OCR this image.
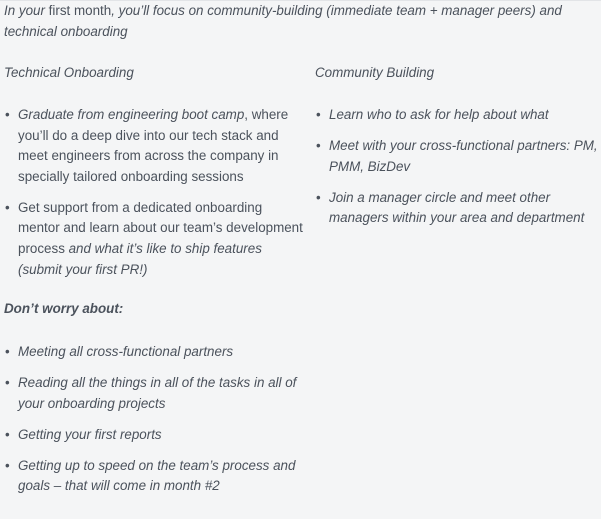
In your first month, you’ll focus on community-building (immediate team + manager peers) and technical onboarding

Technical Onboarding

• Graduate from engineering boot camp, where you’ll do a deep dive into our tech stack and meet engineers from across the company in specially tailored onboarding sessions
• Get support from a dedicated onboarding mentor and learn about our team’s development process and what it’s like to ship features (submit your first PR!)

Community Building

• Learn who to ask for help about what
• Meet with your cross-functional partners: PM, PMM, BizDev
• Join a manager circle and meet other managers within your area and department
Don’t worry about:
• Meeting all cross-functional partners
• Reading all the things in all of the tasks in all of your onboarding projects
• Getting your first reports
• Getting up to speed on the team’s process and goals – that will come in month #2
